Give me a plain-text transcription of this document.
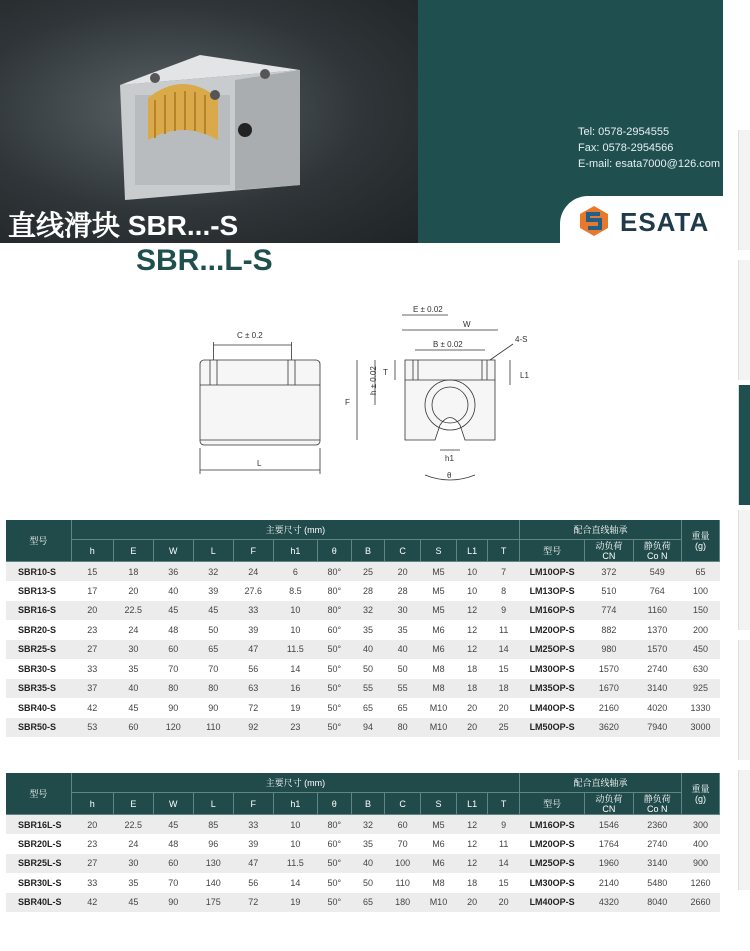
Tel: 0578-2954555
Fax: 0578-2954566
E-mail: esata7000@126.com
直线滑块 SBR...-S	ESATA
SBR...L-S
C ± 0.2
L
E ± 0.02
W
B ± 0.02
4-S
L1
T
h ± 0.02
F
h1
θ
型号	主要尺寸 (mm)												配合直线轴承			重量
(g)
	h	E	W	L	F	h1	θ	B	C	S	L1	T	型号	动负荷
CN	静负荷
Co N	
SBR10-S	15	18	36	32	24	6	80°	25	20	M5	10	7	LM10OP-S	372	549	65
SBR13-S	17	20	40	39	27.6	8.5	80°	28	28	M5	10	8	LM13OP-S	510	764	100
SBR16-S	20	22.5	45	45	33	10	80°	32	30	M5	12	9	LM16OP-S	774	1160	150
SBR20-S	23	24	48	50	39	10	60°	35	35	M6	12	11	LM20OP-S	882	1370	200
SBR25-S	27	30	60	65	47	11.5	50°	40	40	M6	12	14	LM25OP-S	980	1570	450
SBR30-S	33	35	70	70	56	14	50°	50	50	M8	18	15	LM30OP-S	1570	2740	630
SBR35-S	37	40	80	80	63	16	50°	55	55	M8	18	18	LM35OP-S	1670	3140	925
SBR40-S	42	45	90	90	72	19	50°	65	65	M10	20	20	LM40OP-S	2160	4020	1330
SBR50-S	53	60	120	110	92	23	50°	94	80	M10	20	25	LM50OP-S	3620	7940	3000
型号	主要尺寸 (mm)												配合直线轴承			重量
(g)
	h	E	W	L	F	h1	θ	B	C	S	L1	T	型号	动负荷
CN	静负荷
Co N	
SBR16L-S	20	22.5	45	85	33	10	80°	32	60	M5	12	9	LM16OP-S	1546	2360	300
SBR20L-S	23	24	48	96	39	10	60°	35	70	M6	12	11	LM20OP-S	1764	2740	400
SBR25L-S	27	30	60	130	47	11.5	50°	40	100	M6	12	14	LM25OP-S	1960	3140	900
SBR30L-S	33	35	70	140	56	14	50°	50	110	M8	18	15	LM30OP-S	2140	5480	1260
SBR40L-S	42	45	90	175	72	19	50°	65	180	M10	20	20	LM40OP-S	4320	8040	2660
